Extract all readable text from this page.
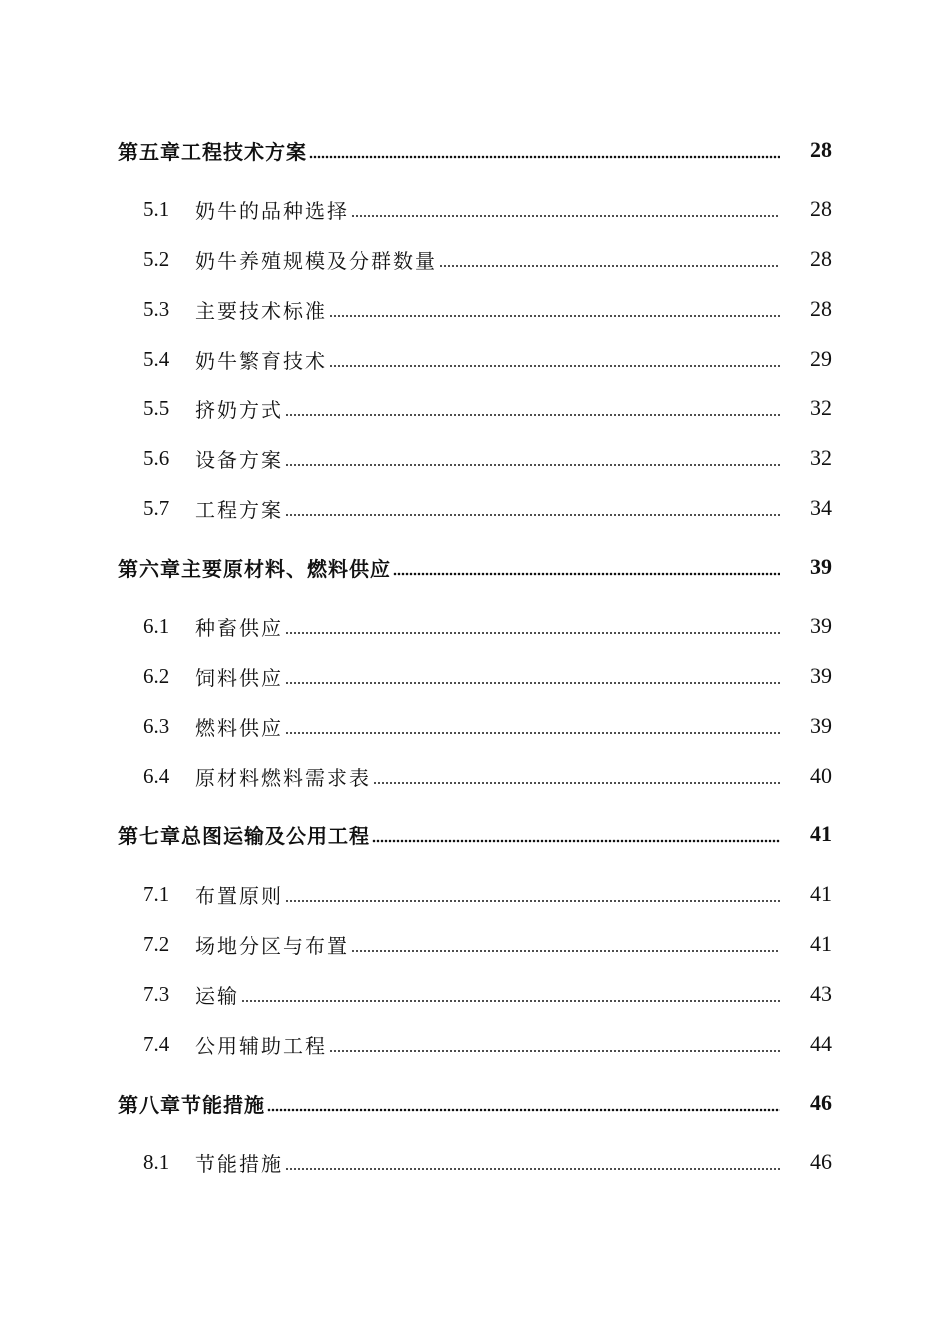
第五章工程技术方案	28
5.1	奶牛的品种选择	28
5.2	奶牛养殖规模及分群数量	28
5.3	主要技术标准	28
5.4	奶牛繁育技术	29
5.5	挤奶方式	32
5.6	设备方案	32
5.7	工程方案	34
第六章主要原材料、燃料供应	39
6.1	种畜供应	39
6.2	饲料供应	39
6.3	燃料供应	39
6.4	原材料燃料需求表	40
第七章总图运输及公用工程	41
7.1	布置原则	41
7.2	场地分区与布置	41
7.3	运输	43
7.4	公用辅助工程	44
第八章节能措施	46
8.1	节能措施	46
